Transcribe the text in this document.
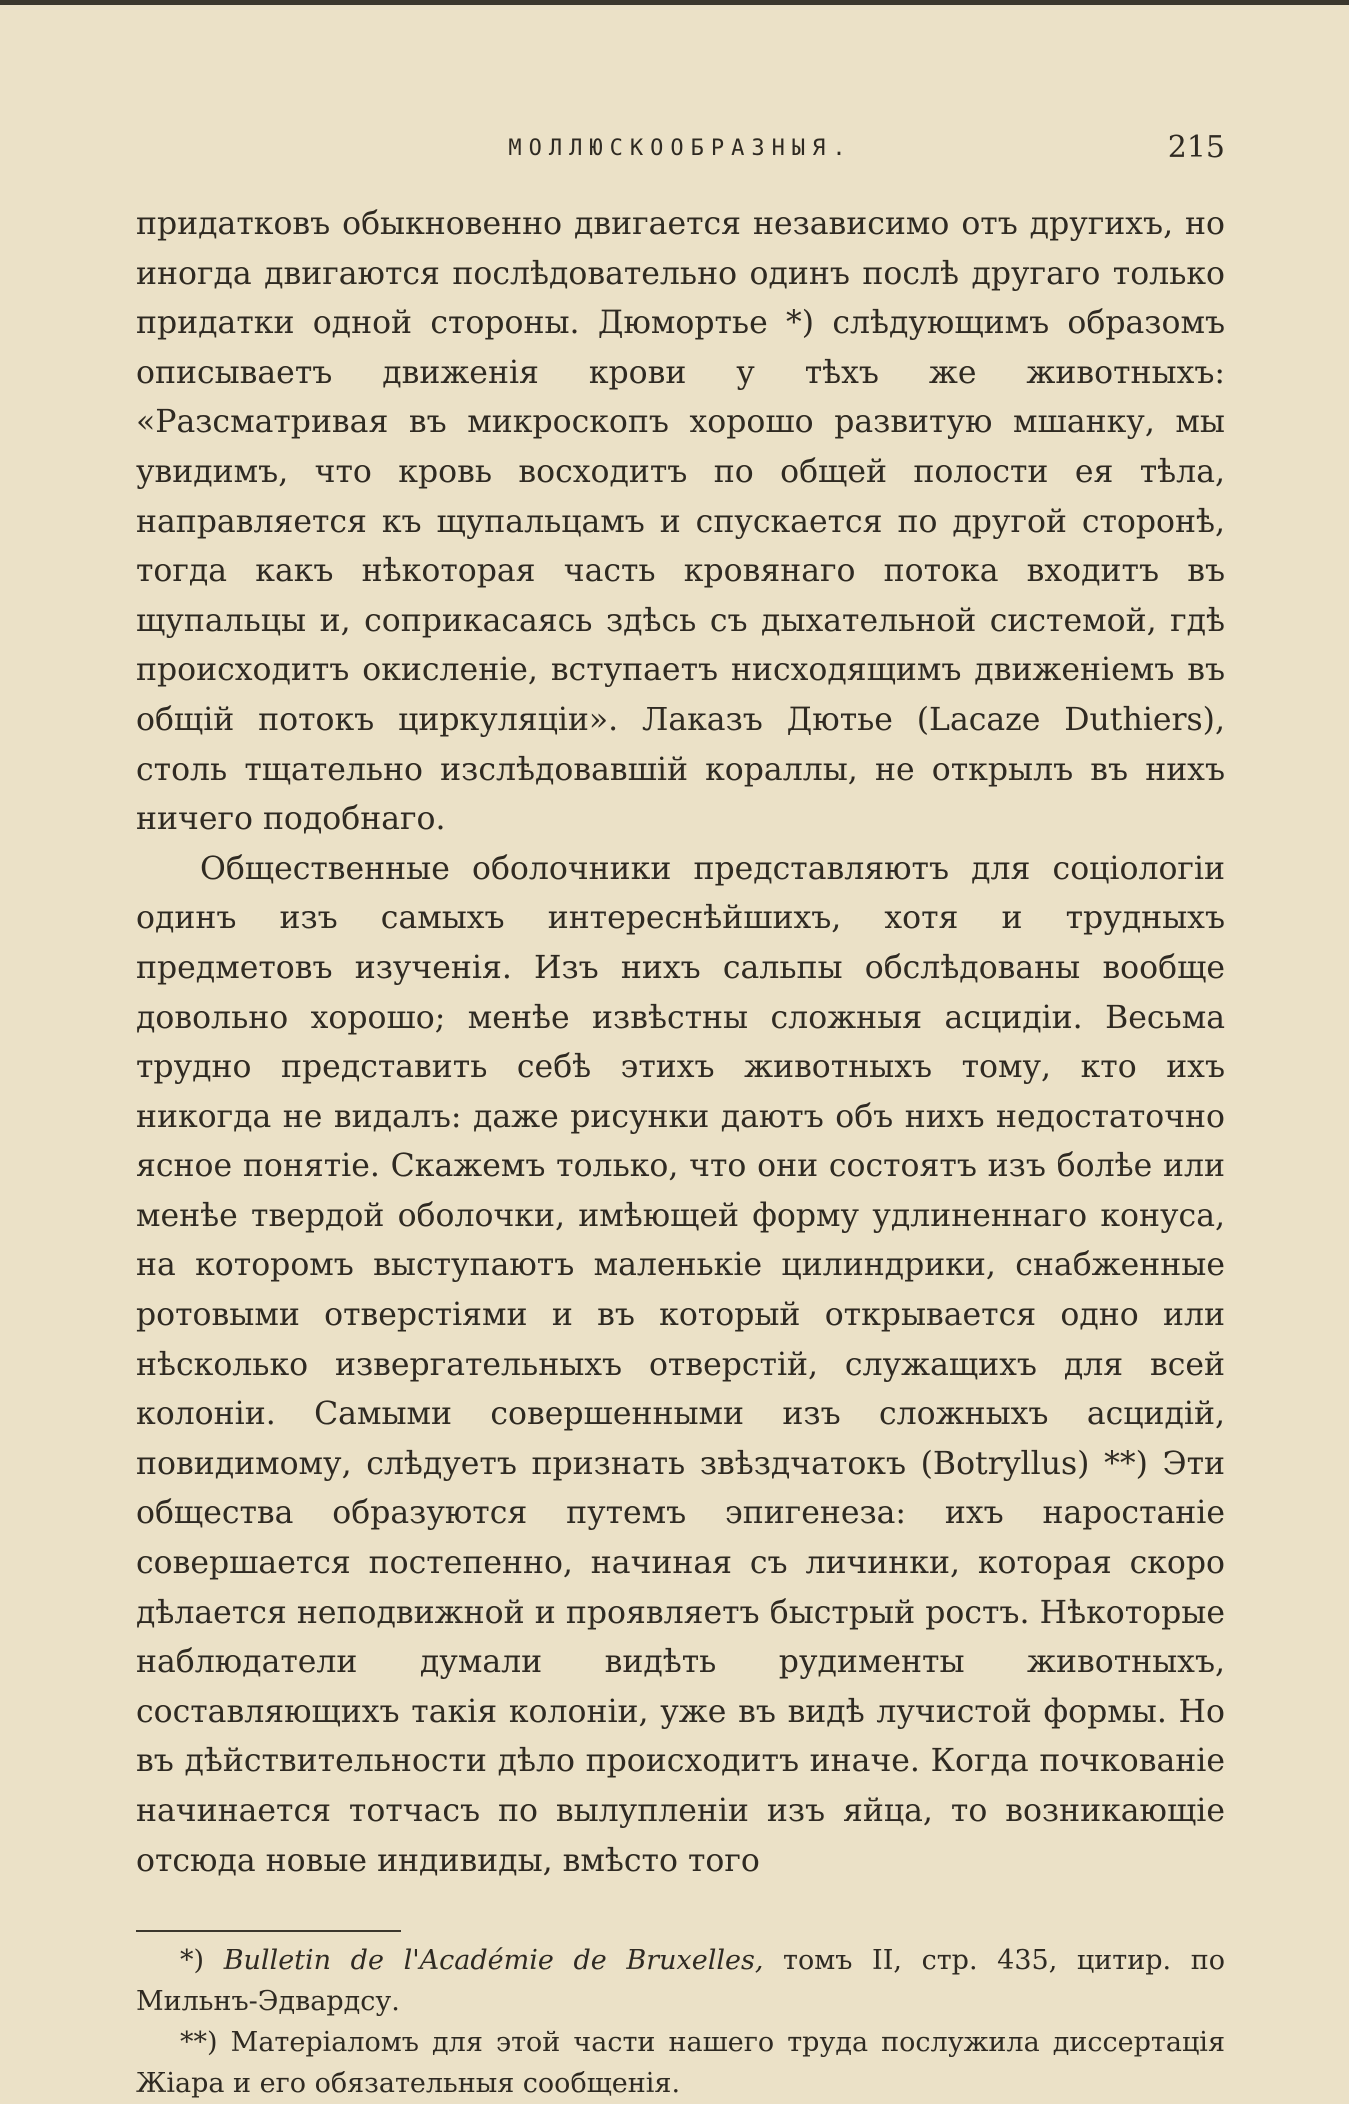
МОЛЛЮСКООБРАЗНЫЯ.	215

придатковъ обыкновенно двигается независимо отъ другихъ, но иногда двигаются послѣдовательно одинъ послѣ другаго только придатки одной стороны. Дюмортье *) слѣдующимъ образомъ описываетъ движенія крови у тѣхъ же животныхъ: «Разсматривая въ микроскопъ хорошо развитую мшанку, мы увидимъ, что кровь восходитъ по общей полости ея тѣла, направляется къ щупальцамъ и спускается по другой сторонѣ, тогда какъ нѣкоторая часть кровянаго потока входитъ въ щупальцы и, соприкасаясь здѣсь съ дыхательной системой, гдѣ происходитъ окисленіе, вступаетъ нисходящимъ движеніемъ въ общій потокъ циркуляціи». Лаказъ Дютье (Lacaze Duthiers), столь тщательно изслѣдовавшій кораллы, не открылъ въ нихъ ничего подобнаго.

Общественные оболочники представляютъ для соціологіи одинъ изъ самыхъ интереснѣйшихъ, хотя и трудныхъ предметовъ изученія. Изъ нихъ сальпы обслѣдованы вообще довольно хорошо; менѣе извѣстны сложныя асцидіи. Весьма трудно представить себѣ этихъ животныхъ тому, кто ихъ никогда не видалъ: даже рисунки даютъ объ нихъ недостаточно ясное понятіе. Скажемъ только, что они состоятъ изъ болѣе или менѣе твердой оболочки, имѣющей форму удлиненнаго конуса, на которомъ выступаютъ маленькіе цилиндрики, снабженные ротовыми отверстіями и въ который открывается одно или нѣсколько извергательныхъ отверстій, служащихъ для всей колоніи. Самыми совершенными изъ сложныхъ асцидій, повидимому, слѣдуетъ признать звѣздчатокъ (Botryllus) **) Эти общества образуются путемъ эпигенеза: ихъ наростаніе совершается постепенно, начиная съ личинки, которая скоро дѣлается неподвижной и проявляетъ быстрый ростъ. Нѣкоторые наблюдатели думали видѣть рудименты животныхъ, составляющихъ такія колоніи, уже въ видѣ лучистой формы. Но въ дѣйствительности дѣло происходитъ иначе. Когда почкованіе начинается тотчасъ по вылупленіи изъ яйца, то возникающіе отсюда новые индивиды, вмѣсто того

*) Bulletin de l'Académie de Bruxelles, томъ II, стр. 435, цитир. по Мильнъ-Эдвардсу.

**) Матеріаломъ для этой части нашего труда послужила диссертація Жіара и его обязательныя сообщенія.
